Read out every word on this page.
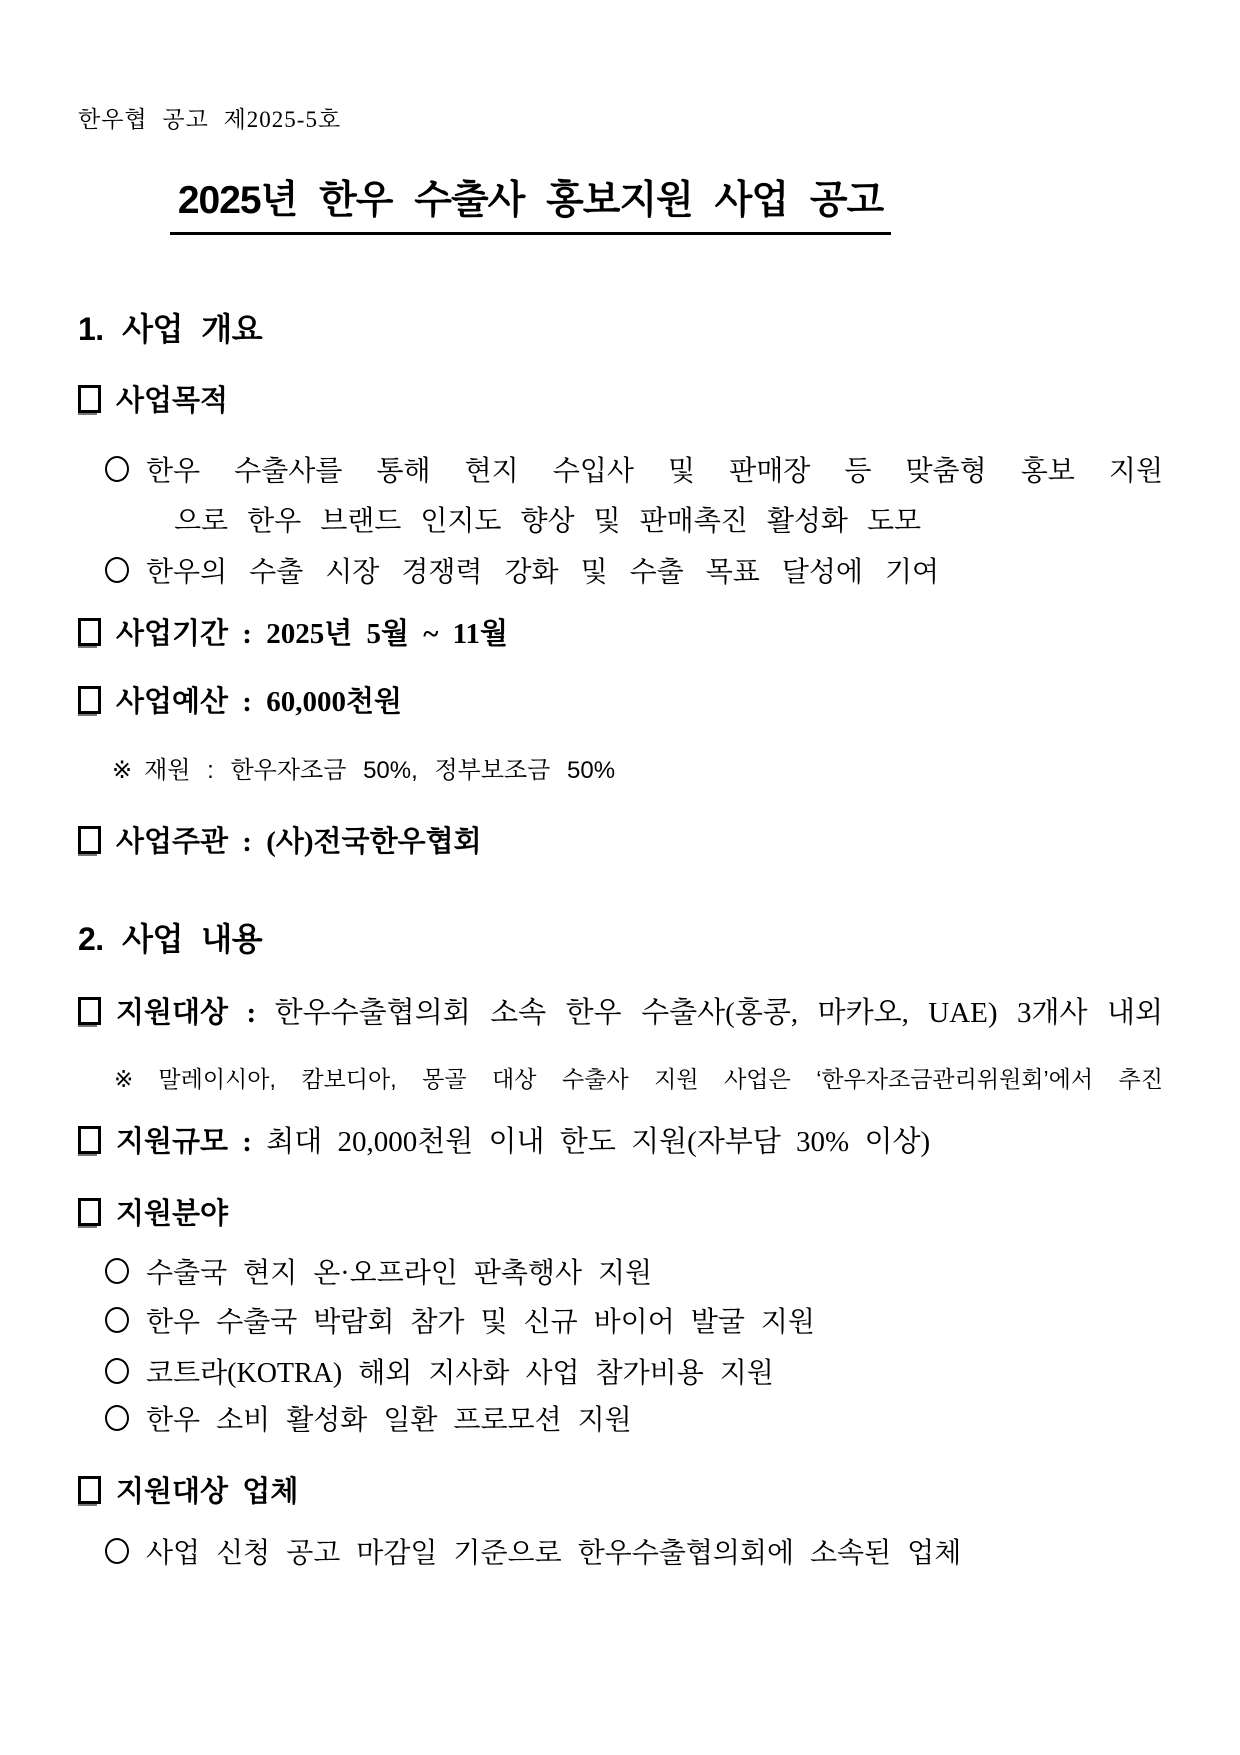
한우협 공고 제2025-5호
2025년 한우 수출사 홍보지원 사업 공고
1. 사업 개요
사업목적
한우 수출사를 통해 현지 수입사 및 판매장 등 맞춤형 홍보 지원
으로 한우 브랜드 인지도 향상 및 판매촉진 활성화 도모
한우의 수출 시장 경쟁력 강화 및 수출 목표 달성에 기여
사업기간 : 2025년 5월 ~ 11월
사업예산 : 60,000천원
※ 재원 : 한우자조금 50%, 정부보조금 50%
사업주관 : (사)전국한우협회
2. 사업 내용
지원대상 : 한우수출협의회 소속 한우 수출사(홍콩, 마카오, UAE) 3개사 내외
※ 말레이시아, 캄보디아, 몽골 대상 수출사 지원 사업은 ‘한우자조금관리위원회’에서 추진
지원규모 : 최대 20,000천원 이내 한도 지원(자부담 30% 이상)
지원분야
수출국 현지 온·오프라인 판촉행사 지원
한우 수출국 박람회 참가 및 신규 바이어 발굴 지원
코트라(KOTRA) 해외 지사화 사업 참가비용 지원
한우 소비 활성화 일환 프로모션 지원
지원대상 업체
사업 신청 공고 마감일 기준으로 한우수출협의회에 소속된 업체
